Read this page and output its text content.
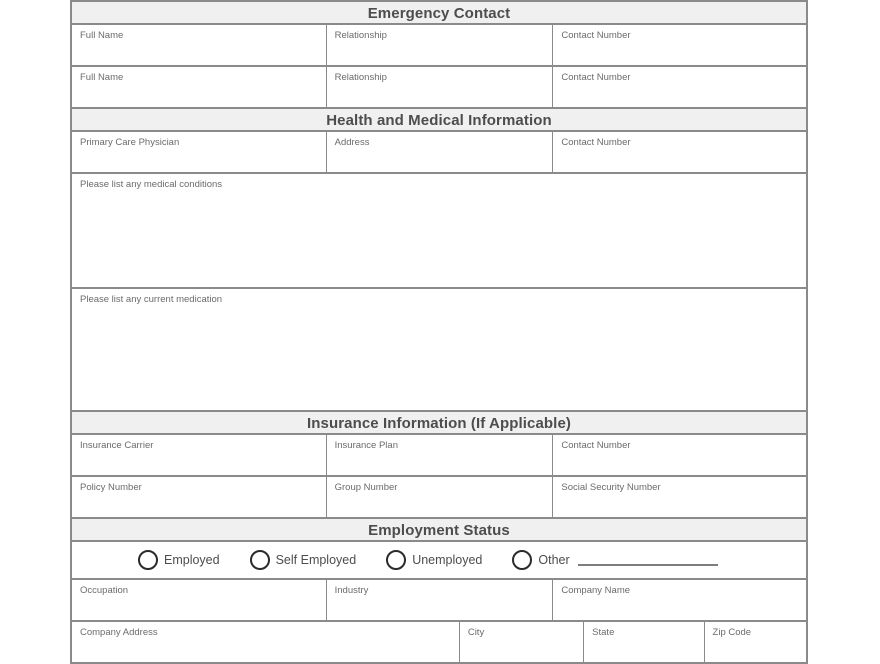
Emergency Contact
Full Name	Relationship	Contact Number
Full Name	Relationship	Contact Number
Health and Medical Information
Primary Care Physician	Address	Contact Number
Please list any medical conditions
Please list any current medication
Insurance Information (If Applicable)
Insurance Carrier	Insurance Plan	Contact Number
Policy Number	Group Number	Social Security Number
Employment Status
Employed	Self Employed	Unemployed	Other
Occupation	Industry	Company Name
Company Address	City	State	Zip Code
